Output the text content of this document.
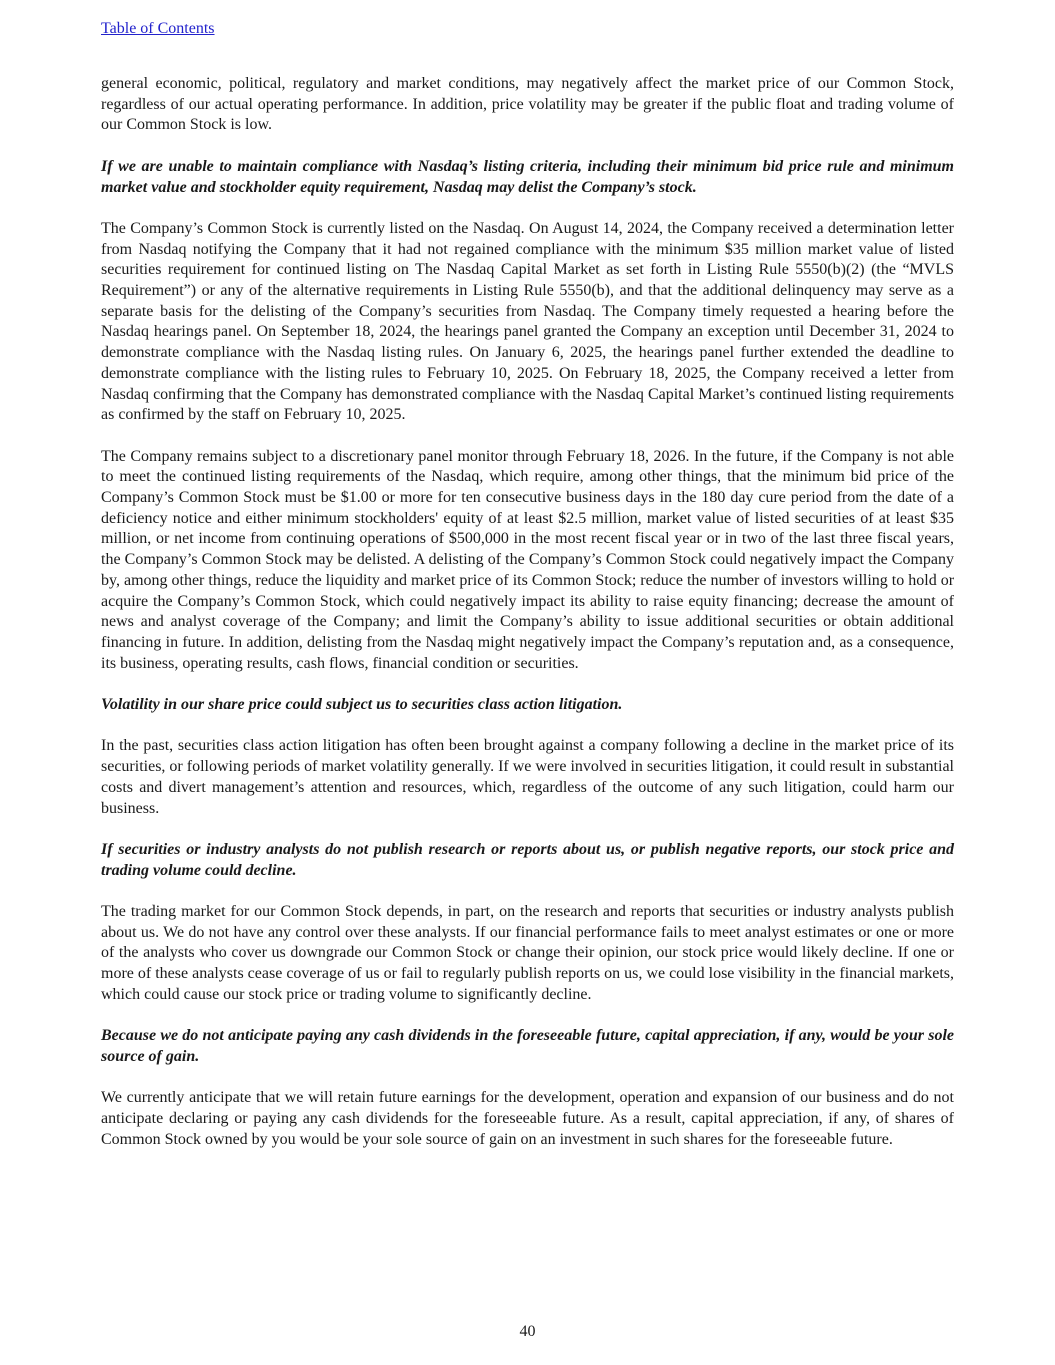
Table of Contents

general economic, political, regulatory and market conditions, may negatively affect the market price of our Common Stock, regardless of our actual operating performance. In addition, price volatility may be greater if the public float and trading volume of our Common Stock is low.

If we are unable to maintain compliance with Nasdaq’s listing criteria, including their minimum bid price rule and minimum market value and stockholder equity requirement, Nasdaq may delist the Company’s stock.

The Company’s Common Stock is currently listed on the Nasdaq. On August 14, 2024, the Company received a determination letter from Nasdaq notifying the Company that it had not regained compliance with the minimum $35 million market value of listed securities requirement for continued listing on The Nasdaq Capital Market as set forth in Listing Rule 5550(b)(2) (the “MVLS Requirement”) or any of the alternative requirements in Listing Rule 5550(b), and that the additional delinquency may serve as a separate basis for the delisting of the Company’s securities from Nasdaq. The Company timely requested a hearing before the Nasdaq hearings panel. On September 18, 2024, the hearings panel granted the Company an exception until December 31, 2024 to demonstrate compliance with the Nasdaq listing rules. On January 6, 2025, the hearings panel further extended the deadline to demonstrate compliance with the listing rules to February 10, 2025. On February 18, 2025, the Company received a letter from Nasdaq confirming that the Company has demonstrated compliance with the Nasdaq Capital Market’s continued listing requirements as confirmed by the staff on February 10, 2025.

The Company remains subject to a discretionary panel monitor through February 18, 2026. In the future, if the Company is not able to meet the continued listing requirements of the Nasdaq, which require, among other things, that the minimum bid price of the Company’s Common Stock must be $1.00 or more for ten consecutive business days in the 180 day cure period from the date of a deficiency notice and either minimum stockholders' equity of at least $2.5 million, market value of listed securities of at least $35 million, or net income from continuing operations of $500,000 in the most recent fiscal year or in two of the last three fiscal years, the Company’s Common Stock may be delisted. A delisting of the Company’s Common Stock could negatively impact the Company by, among other things, reduce the liquidity and market price of its Common Stock; reduce the number of investors willing to hold or acquire the Company’s Common Stock, which could negatively impact its ability to raise equity financing; decrease the amount of news and analyst coverage of the Company; and limit the Company’s ability to issue additional securities or obtain additional financing in future. In addition, delisting from the Nasdaq might negatively impact the Company’s reputation and, as a consequence, its business, operating results, cash flows, financial condition or securities.

Volatility in our share price could subject us to securities class action litigation.

In the past, securities class action litigation has often been brought against a company following a decline in the market price of its securities, or following periods of market volatility generally. If we were involved in securities litigation, it could result in substantial costs and divert management’s attention and resources, which, regardless of the outcome of any such litigation, could harm our business.

If securities or industry analysts do not publish research or reports about us, or publish negative reports, our stock price and trading volume could decline.

The trading market for our Common Stock depends, in part, on the research and reports that securities or industry analysts publish about us. We do not have any control over these analysts. If our financial performance fails to meet analyst estimates or one or more of the analysts who cover us downgrade our Common Stock or change their opinion, our stock price would likely decline. If one or more of these analysts cease coverage of us or fail to regularly publish reports on us, we could lose visibility in the financial markets, which could cause our stock price or trading volume to significantly decline.

Because we do not anticipate paying any cash dividends in the foreseeable future, capital appreciation, if any, would be your sole source of gain.

We currently anticipate that we will retain future earnings for the development, operation and expansion of our business and do not anticipate declaring or paying any cash dividends for the foreseeable future. As a result, capital appreciation, if any, of shares of Common Stock owned by you would be your sole source of gain on an investment in such shares for the foreseeable future.

40
